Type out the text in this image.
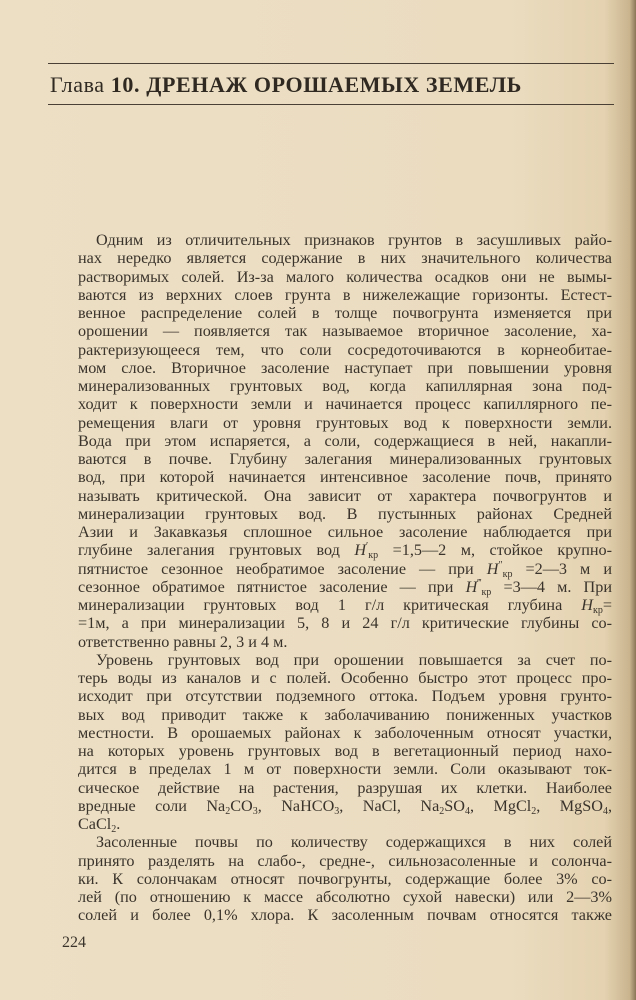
Глава 10. ДРЕНАЖ ОРОШАЕМЫХ ЗЕМЕЛЬ
Одним из отличительных признаков грунтов в засушливых райо-
нах нередко является содержание в них значительного количества
растворимых солей. Из-за малого количества осадков они не вымы-
ваются из верхних слоев грунта в нижележащие горизонты. Естест-
венное распределение солей в толще почвогрунта изменяется при
орошении — появляется так называемое вторичное засоление, ха-
рактеризующееся тем, что соли сосредоточиваются в корнеобитае-
мом слое. Вторичное засоление наступает при повышении уровня
минерализованных грунтовых вод, когда капиллярная зона под-
ходит к поверхности земли и начинается процесс капиллярного пе-
ремещения влаги от уровня грунтовых вод к поверхности земли.
Вода при этом испаряется, а соли, содержащиеся в ней, накапли-
ваются в почве. Глубину залегания минерализованных грунтовых
вод, при которой начинается интенсивное засоление почв, принято
называть критической. Она зависит от характера почвогрунтов и
минерализации грунтовых вод. В пустынных районах Средней
Азии и Закавказья сплошное сильное засоление наблюдается при
глубине залегания грунтовых вод $H'_{кр}$ =1,5—2 м, стойкое крупно-
пятнистое сезонное необратимое засоление — при $H''_{кр}$ =2—3 м и
сезонное обратимое пятнистое засоление — при $H^‴_{кр}$ =3—4 м. При
минерализации грунтовых вод 1 г/л критическая глубина $H_{кр}=$
=1м, а при минерализации 5, 8 и 24 г/л критические глубины со-
ответственно равны 2, 3 и 4 м.
Уровень грунтовых вод при орошении повышается за счет по-
терь воды из каналов и с полей. Особенно быстро этот процесс про-
исходит при отсутствии подземного оттока. Подъем уровня грунто-
вых вод приводит также к заболачиванию пониженных участков
местности. В орошаемых районах к заболоченным относят участки,
на которых уровень грунтовых вод в вегетационный период нахо-
дится в пределах 1 м от поверхности земли. Соли оказывают ток-
сическое действие на растения, разрушая их клетки. Наиболее
вредные соли $Na_2CO_3$, NaHCO$_3$, NaCl, $Na_2SO_4$, MgCl$_2$, MgSO$_4$,
CaCl$_2$.
Засоленные почвы по количеству содержащихся в них солей
принято разделять на слабо-, средне-, сильнозасоленные и солонча-
ки. К солончакам относят почвогрунты, содержащие более 3% со-
лей (по отношению к массе абсолютно сухой навески) или 2—3%
солей и более 0,1% хлора. К засоленным почвам относятся также
224
